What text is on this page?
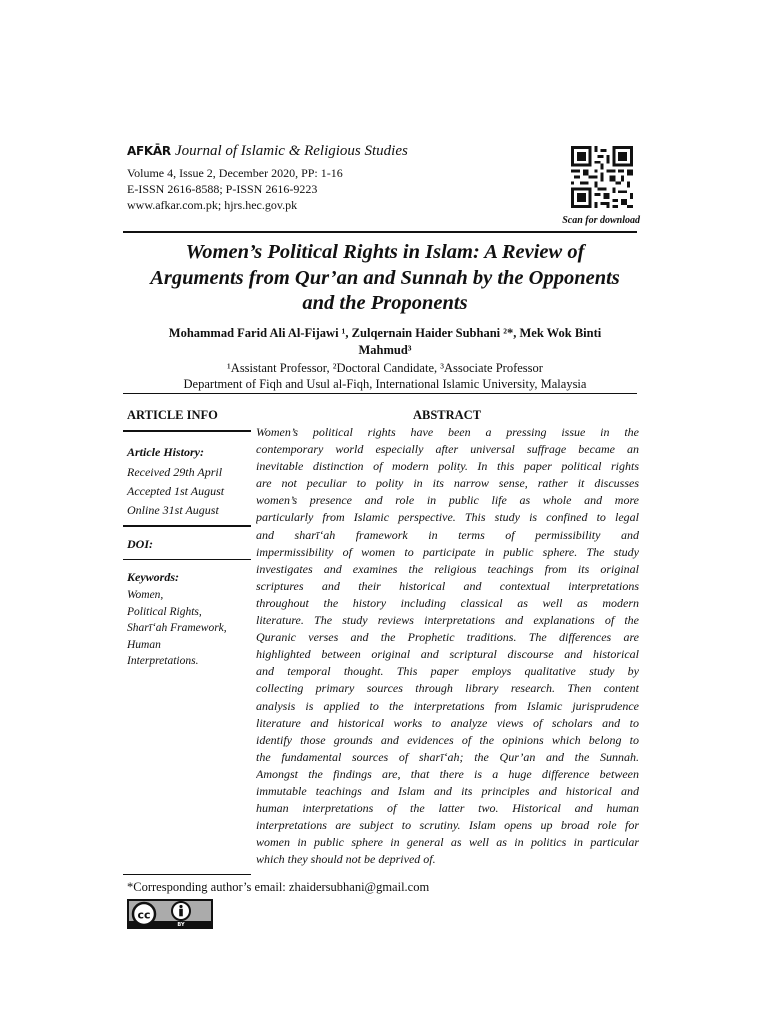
AFKĀR Journal of Islamic & Religious Studies
Volume 4, Issue 2, December 2020, PP: 1-16
E-ISSN 2616-8588; P-ISSN 2616-9223
www.afkar.com.pk; hjrs.hec.gov.pk
Scan for download
Women’s Political Rights in Islam: A Review of
Arguments from Qur’an and Sunnah by the Opponents
and the Proponents
Mohammad Farid Ali Al-Fijawi ¹, Zulqernain Haider Subhani ²*, Mek Wok Binti
Mahmud³
¹Assistant Professor, ²Doctoral Candidate, ³Associate Professor
Department of Fiqh and Usul al-Fiqh, International Islamic University, Malaysia
ARTICLE INFO
Article History:
Received 29th April
Accepted 1st August
Online 31st August
DOI:
Keywords:
Women,
Political Rights,
Sharī‘ah Framework,
Human
Interpretations.
ABSTRACT
Women’s political rights have been a pressing issue in the
contemporary world especially after universal suffrage became an
inevitable distinction of modern polity. In this paper political rights
are not peculiar to polity in its narrow sense, rather it discusses
women’s presence and role in public life as whole and more
particularly from Islamic perspective. This study is confined to legal
and sharī‘ah framework in terms of permissibility and
impermissibility of women to participate in public sphere. The study
investigates and examines the religious teachings from its original
scriptures and their historical and contextual interpretations
throughout the history including classical as well as modern
literature. The study reviews interpretations and explanations of the
Quranic verses and the Prophetic traditions. The differences are
highlighted between original and scriptural discourse and historical
and temporal thought. This paper employs qualitative study by
collecting primary sources through library research. Then content
analysis is applied to the interpretations from Islamic jurisprudence
literature and historical works to analyze views of scholars and to
identify those grounds and evidences of the opinions which belong to
the fundamental sources of sharī‘ah; the Qur’an and the Sunnah.
Amongst the findings are, that there is a huge difference between
immutable teachings and Islam and its principles and historical and
human interpretations of the latter two. Historical and human
interpretations are subject to scrutiny. Islam opens up broad role for
women in public sphere in general as well as in politics in particular
which they should not be deprived of.
*Corresponding author’s email: zhaidersubhani@gmail.com
cc
BY
